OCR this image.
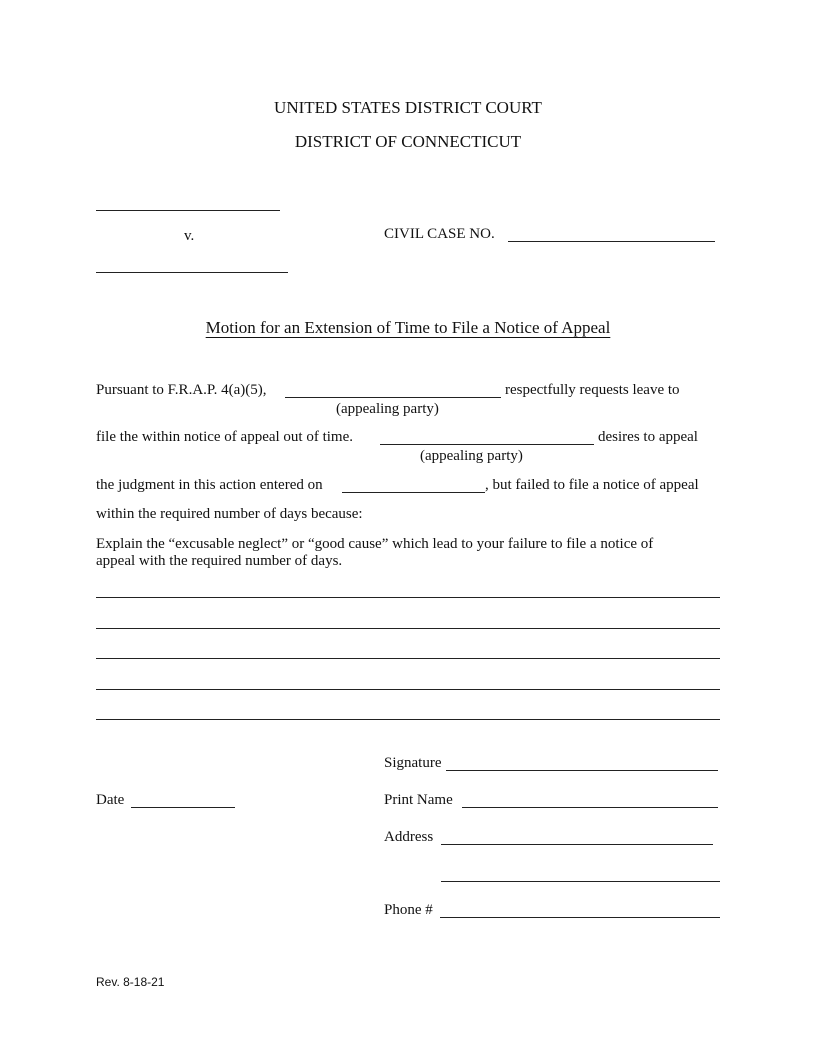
UNITED STATES DISTRICT COURT
DISTRICT OF CONNECTICUT
v.	CIVIL CASE NO.
Motion for an Extension of Time to File a Notice of Appeal
Pursuant to F.R.A.P. 4(a)(5),	respectfully requests leave to
(appealing party)
file the within notice of appeal out of time.	desires to appeal
(appealing party)
the judgment in this action entered on	, but failed to file a notice of appeal
within the required number of days because:
Explain the “excusable neglect” or “good cause” which lead to your failure to file a notice of
appeal with the required number of days.
Signature
Date	Print Name
Address
Phone #
Rev. 8-18-21
